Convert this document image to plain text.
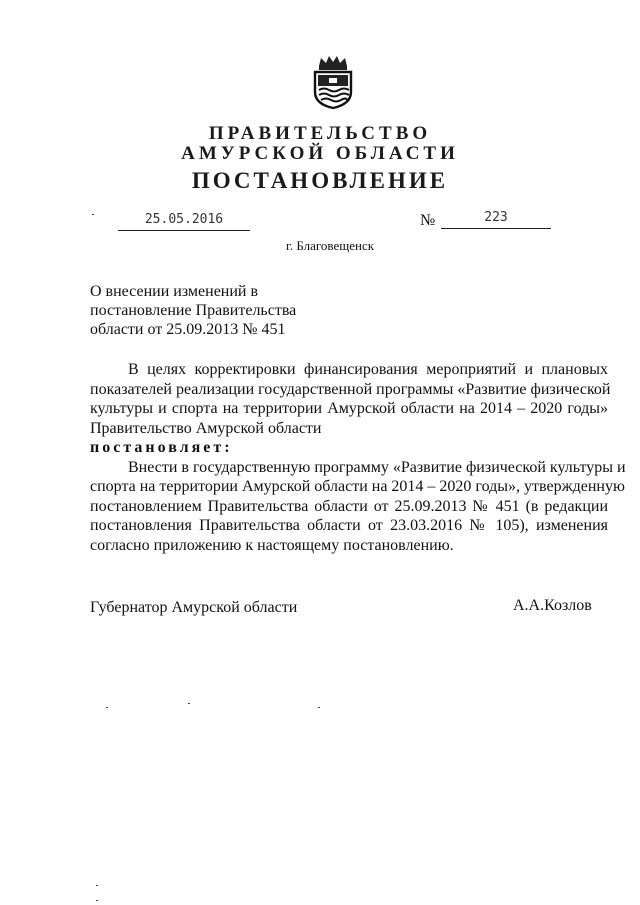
ПРАВИТЕЛЬСТВО
АМУРСКОЙ ОБЛАСТИ
ПОСТАНОВЛЕНИЕ
25.05.2016	№	223
г. Благовещенск
О внесении изменений в
постановление Правительства
области от 25.09.2013 № 451
В целях корректировки финансирования мероприятий и плановых
показателей реализации государственной программы «Развитие физической
культуры и спорта на территории Амурской области на 2014 – 2020 годы»
Правительство Амурской области
постановляет:
Внести в государственную программу «Развитие физической культуры и
спорта на территории Амурской области на 2014 – 2020 годы», утвержденную
постановлением Правительства области от 25.09.2013 № 451 (в редакции
постановления Правительства области от 23.03.2016 № 105), изменения
согласно приложению к настоящему постановлению.
Губернатор Амурской области	А.А.Козлов
